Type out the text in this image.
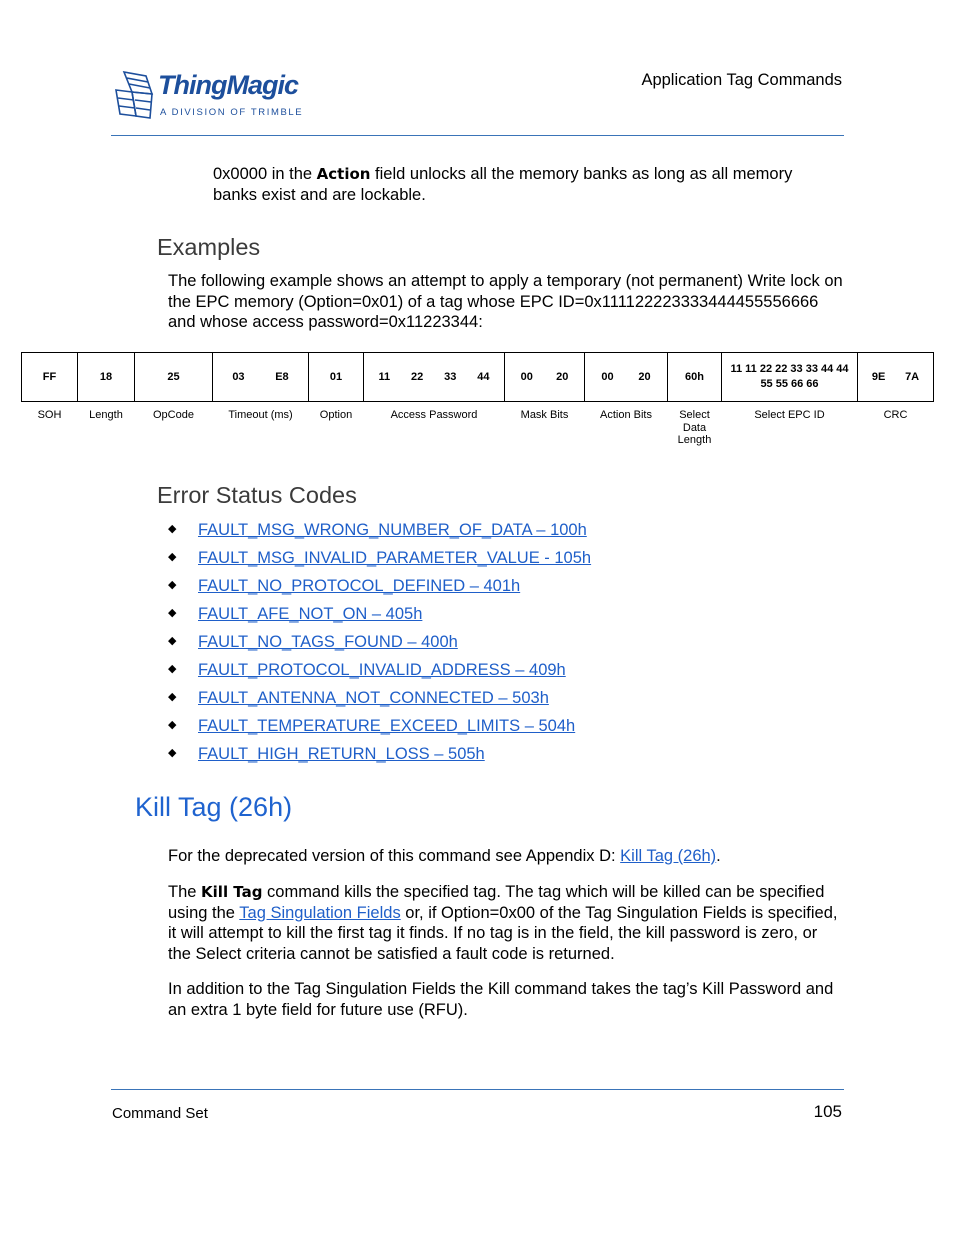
ThingMagic
A DIVISION OF TRIMBLE
Application Tag Commands
0x0000 in the Action field unlocks all the memory banks as long as all memory banks exist and are lockable.
Examples
The following example shows an attempt to apply a temporary (not permanent) Write lock on the EPC memory (Option=0x01) of a tag whose EPC ID=0x111122223333444455556666 and whose access password=0x11223344:
FF	18	25	03 E8	01	11 22 33 44	00 20	00 20	60h	11 11 22 22 33 33 44 44 55 55 66 66	9E 7A

SOH	Length	OpCode	Timeout (ms)	Option	Access Password	Mask Bits	Action Bits	Select Data Length	Select EPC ID	CRC
Error Status Codes
◆	FAULT_MSG_WRONG_NUMBER_OF_DATA – 100h
◆	FAULT_MSG_INVALID_PARAMETER_VALUE - 105h
◆	FAULT_NO_PROTOCOL_DEFINED – 401h
◆	FAULT_AFE_NOT_ON – 405h
◆	FAULT_NO_TAGS_FOUND – 400h
◆	FAULT_PROTOCOL_INVALID_ADDRESS – 409h
◆	FAULT_ANTENNA_NOT_CONNECTED – 503h
◆	FAULT_TEMPERATURE_EXCEED_LIMITS – 504h
◆	FAULT_HIGH_RETURN_LOSS – 505h
Kill Tag (26h)
For the deprecated version of this command see Appendix D: Kill Tag (26h).
The Kill Tag command kills the specified tag. The tag which will be killed can be specified using the Tag Singulation Fields or, if Option=0x00 of the Tag Singulation Fields is specified, it will attempt to kill the first tag it finds. If no tag is in the field, the kill password is zero, or the Select criteria cannot be satisfied a fault code is returned.
In addition to the Tag Singulation Fields the Kill command takes the tag’s Kill Password and an extra 1 byte field for future use (RFU).
Command Set	105
